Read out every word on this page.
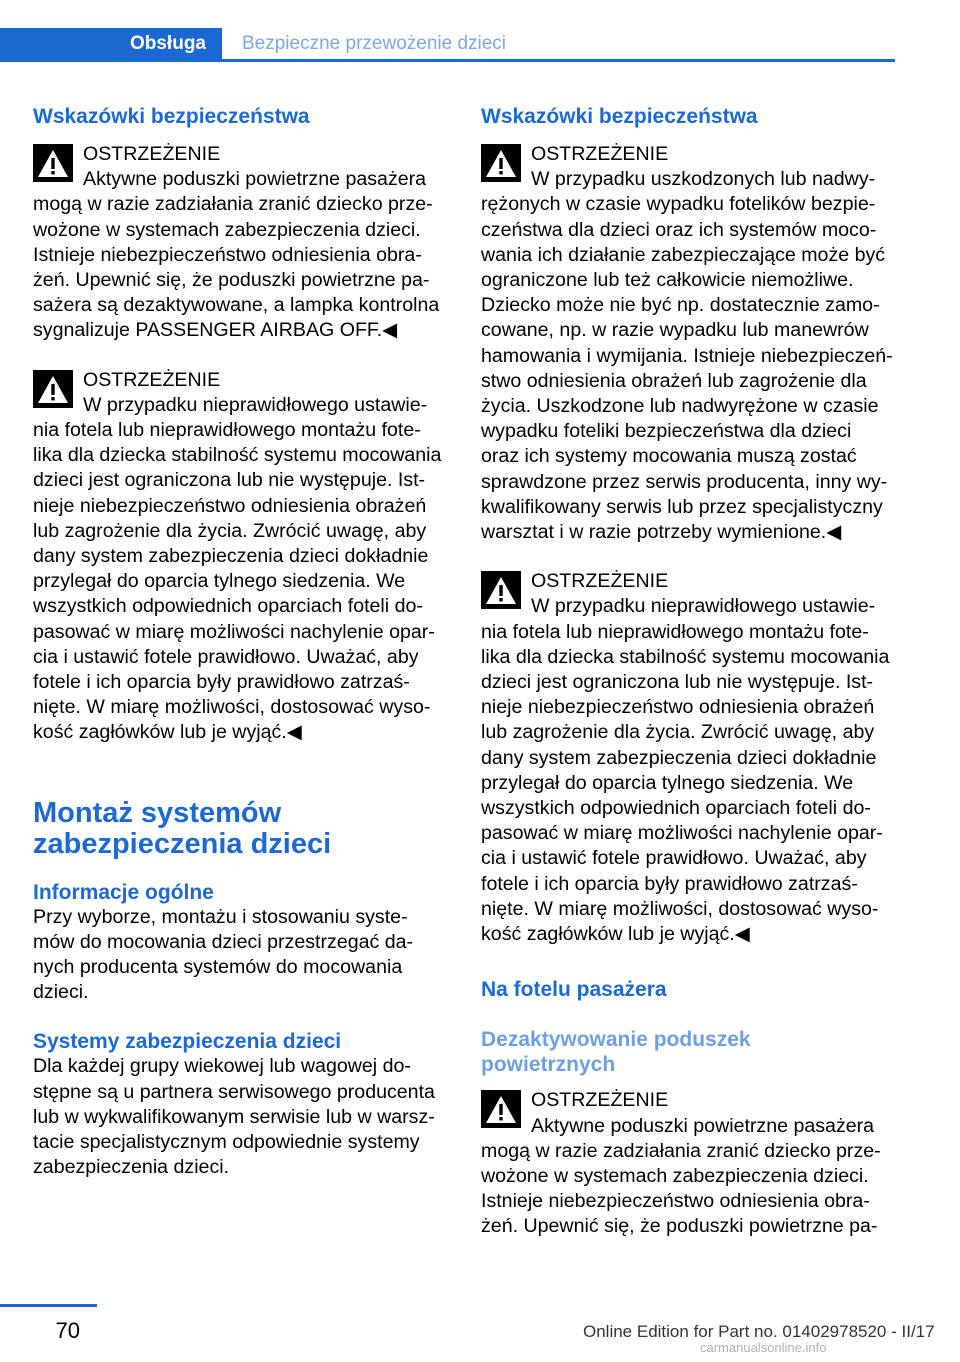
Obsługa	Bezpieczne przewożenie dzieci
Wskazówki bezpieczeństwa
OSTRZEŻENIE
Aktywne poduszki powietrzne pasażera
mogą w razie zadziałania zranić dziecko prze‐
wożone w systemach zabezpieczenia dzieci.
Istnieje niebezpieczeństwo odniesienia obra‐
żeń. Upewnić się, że poduszki powietrzne pa‐
sażera są dezaktywowane, a lampka kontrolna
sygnalizuje PASSENGER AIRBAG OFF.◀
OSTRZEŻENIE
W przypadku nieprawidłowego ustawie‐
nia fotela lub nieprawidłowego montażu fote‐
lika dla dziecka stabilność systemu mocowania
dzieci jest ograniczona lub nie występuje. Ist‐
nieje niebezpieczeństwo odniesienia obrażeń
lub zagrożenie dla życia. Zwrócić uwagę, aby
dany system zabezpieczenia dzieci dokładnie
przylegał do oparcia tylnego siedzenia. We
wszystkich odpowiednich oparciach foteli do‐
pasować w miarę możliwości nachylenie opar‐
cia i ustawić fotele prawidłowo. Uważać, aby
fotele i ich oparcia były prawidłowo zatrzaś‐
nięte. W miarę możliwości, dostosować wyso‐
kość zagłówków lub je wyjąć.◀
Montaż systemów
zabezpieczenia dzieci
Informacje ogólne
Przy wyborze, montażu i stosowaniu syste‐
mów do mocowania dzieci przestrzegać da‐
nych producenta systemów do mocowania
dzieci.
Systemy zabezpieczenia dzieci
Dla każdej grupy wiekowej lub wagowej do‐
stępne są u partnera serwisowego producenta
lub w wykwalifikowanym serwisie lub w warsz‐
tacie specjalistycznym odpowiednie systemy
zabezpieczenia dzieci.
Wskazówki bezpieczeństwa
OSTRZEŻENIE
W przypadku uszkodzonych lub nadwy‐
rężonych w czasie wypadku fotelików bezpie‐
czeństwa dla dzieci oraz ich systemów moco‐
wania ich działanie zabezpieczające może być
ograniczone lub też całkowicie niemożliwe.
Dziecko może nie być np. dostatecznie zamo‐
cowane, np. w razie wypadku lub manewrów
hamowania i wymijania. Istnieje niebezpieczeń‐
stwo odniesienia obrażeń lub zagrożenie dla
życia. Uszkodzone lub nadwyrężone w czasie
wypadku foteliki bezpieczeństwa dla dzieci
oraz ich systemy mocowania muszą zostać
sprawdzone przez serwis producenta, inny wy‐
kwalifikowany serwis lub przez specjalistyczny
warsztat i w razie potrzeby wymienione.◀
OSTRZEŻENIE
W przypadku nieprawidłowego ustawie‐
nia fotela lub nieprawidłowego montażu fote‐
lika dla dziecka stabilność systemu mocowania
dzieci jest ograniczona lub nie występuje. Ist‐
nieje niebezpieczeństwo odniesienia obrażeń
lub zagrożenie dla życia. Zwrócić uwagę, aby
dany system zabezpieczenia dzieci dokładnie
przylegał do oparcia tylnego siedzenia. We
wszystkich odpowiednich oparciach foteli do‐
pasować w miarę możliwości nachylenie opar‐
cia i ustawić fotele prawidłowo. Uważać, aby
fotele i ich oparcia były prawidłowo zatrzaś‐
nięte. W miarę możliwości, dostosować wyso‐
kość zagłówków lub je wyjąć.◀
Na fotelu pasażera
Dezaktywowanie poduszek
powietrznych
OSTRZEŻENIE
Aktywne poduszki powietrzne pasażera
mogą w razie zadziałania zranić dziecko prze‐
wożone w systemach zabezpieczenia dzieci.
Istnieje niebezpieczeństwo odniesienia obra‐
żeń. Upewnić się, że poduszki powietrzne pa‐
70	Online Edition for Part no. 01402978520 - II/17
carmanualsonline.info
